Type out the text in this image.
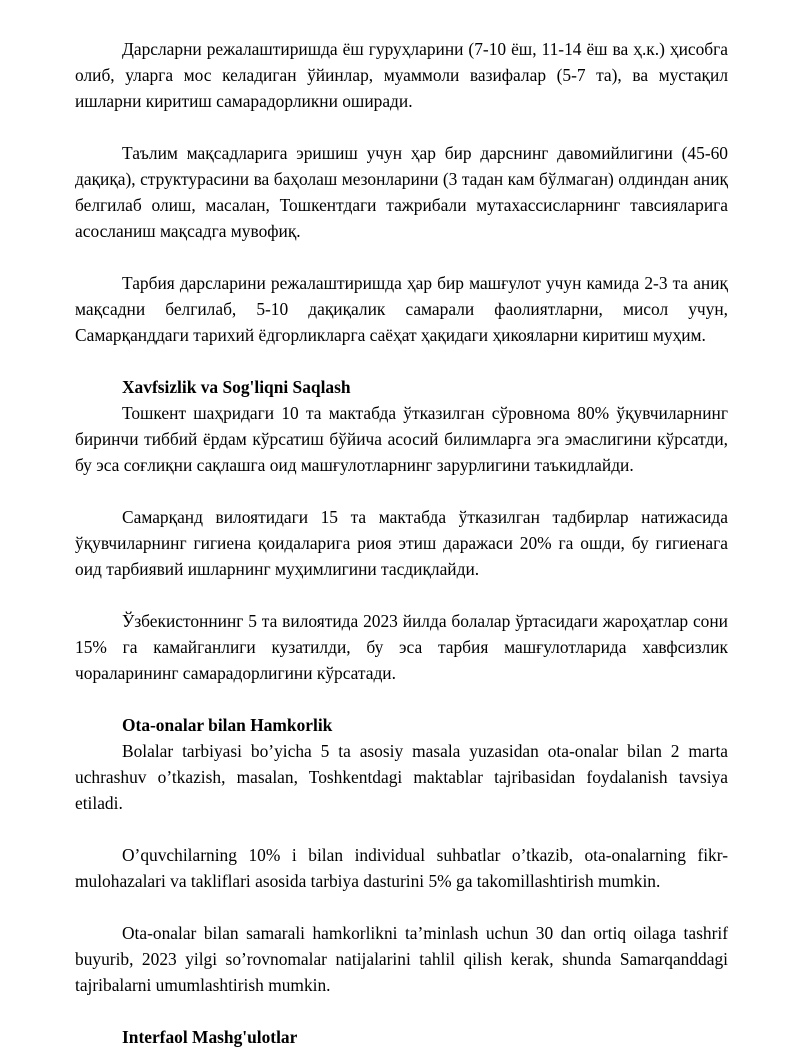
Дарсларни режалаштиришда ёш гуруҳларини (7-10 ёш, 11-14 ёш ва ҳ.к.) ҳисобга олиб, уларга мос келадиган ўйинлар, муаммоли вазифалар (5-7 та), ва мустақил ишларни киритиш самарадорликни оширади.

Таълим мақсадларига эришиш учун ҳар бир дарснинг давомийлигини (45-60 дақиқа), структурасини ва баҳолаш мезонларини (3 тадан кам бўлмаган) олдиндан аниқ белгилаб олиш, масалан, Тошкентдаги тажрибали мутахассисларнинг тавсияларига асосланиш мақсадга мувофиқ.

Тарбия дарсларини режалаштиришда ҳар бир машғулот учун камида 2-3 та аниқ мақсадни белгилаб, 5-10 дақиқалик самарали фаолиятларни, мисол учун, Самарқанддаги тарихий ёдгорликларга саёҳат ҳақидаги ҳикояларни киритиш муҳим.

Xavfsizlik va Sog'liqni Saqlash

Тошкент шаҳридаги 10 та мактабда ўтказилган сўровнома 80% ўқувчиларнинг биринчи тиббий ёрдам кўрсатиш бўйича асосий билимларга эга эмаслигини кўрсатди, бу эса соғлиқни сақлашга оид машғулотларнинг зарурлигини таъкидлайди.

Самарқанд вилоятидаги 15 та мактабда ўтказилган тадбирлар натижасида ўқувчиларнинг гигиена қоидаларига риоя этиш даражаси 20% га ошди, бу гигиенага оид тарбиявий ишларнинг муҳимлигини тасдиқлайди.

Ўзбекистоннинг 5 та вилоятида 2023 йилда болалар ўртасидаги жароҳатлар сони 15% га камайганлиги кузатилди, бу эса тарбия машғулотларида хавфсизлик чораларининг самарадорлигини кўрсатади.

Ota-onalar bilan Hamkorlik

Bolalar tarbiyasi bo’yicha 5 ta asosiy masala yuzasidan ota-onalar bilan 2 marta uchrashuv o’tkazish, masalan, Toshkentdagi maktablar tajribasidan foydalanish tavsiya etiladi.

O’quvchilarning 10% i bilan individual suhbatlar o’tkazib, ota-onalarning fikr-mulohazalari va takliflari asosida tarbiya dasturini 5% ga takomillashtirish mumkin.

Ota-onalar bilan samarali hamkorlikni ta’minlash uchun 30 dan ortiq oilaga tashrif buyurib, 2023 yilgi so’rovnomalar natijalarini tahlil qilish kerak, shunda Samarqanddagi tajribalarni umumlashtirish mumkin.

Interfaol Mashg'ulotlar
